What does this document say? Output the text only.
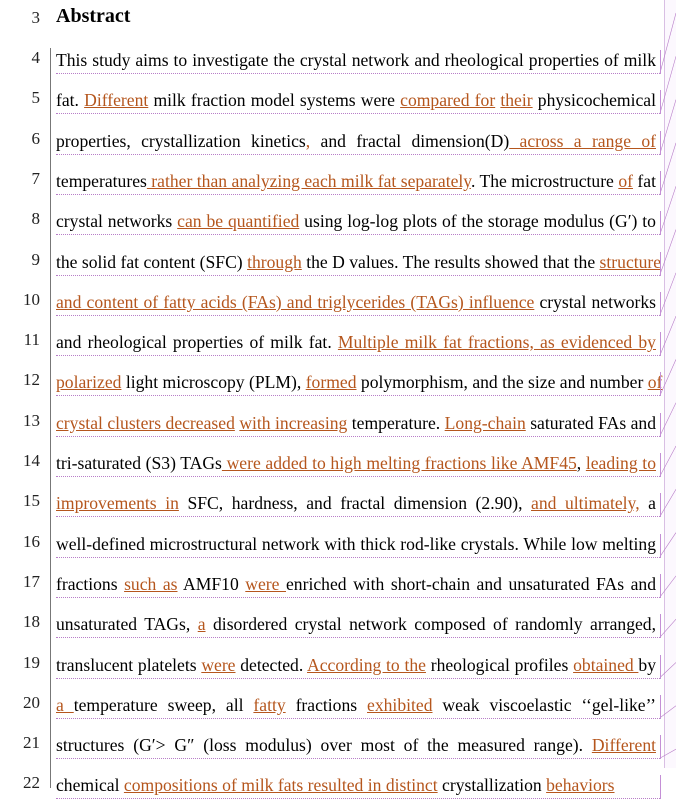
3
4
5
6
7
8
9
10
11
12
13
14
15
16
17
18
19
20
21
22
Abstract
This study aims to investigate the crystal network and rheological properties of milk
fat. Different milk fraction model systems were compared for their physicochemical
properties, crystallization kinetics, and fractal dimension(D) across a range of
temperatures rather than analyzing each milk fat separately. The microstructure of fat
crystal networks can be quantified using log-log plots of the storage modulus (G′) to
the solid fat content (SFC) through the D values. The results showed that the structure
and content of fatty acids (FAs) and triglycerides (TAGs) influence crystal networks
and rheological properties of milk fat. Multiple milk fat fractions, as evidenced by
polarized light microscopy (PLM), formed polymorphism, and the size and number of
crystal clusters decreased with increasing temperature. Long-chain saturated FAs and
tri-saturated (S3) TAGs were added to high melting fractions like AMF45, leading to
improvements in SFC, hardness, and fractal dimension (2.90), and ultimately, a
well-defined microstructural network with thick rod-like crystals. While low melting
fractions such as AMF10 were enriched with short-chain and unsaturated FAs and
unsaturated TAGs, a disordered crystal network composed of randomly arranged,
translucent platelets were detected. According to the rheological profiles obtained by
a temperature sweep, all fatty fractions exhibited weak viscoelastic ‘‘gel-like’’
structures (G′> G″ (loss modulus) over most of the measured range). Different
chemical compositions of milk fats resulted in distinct crystallization behaviors
